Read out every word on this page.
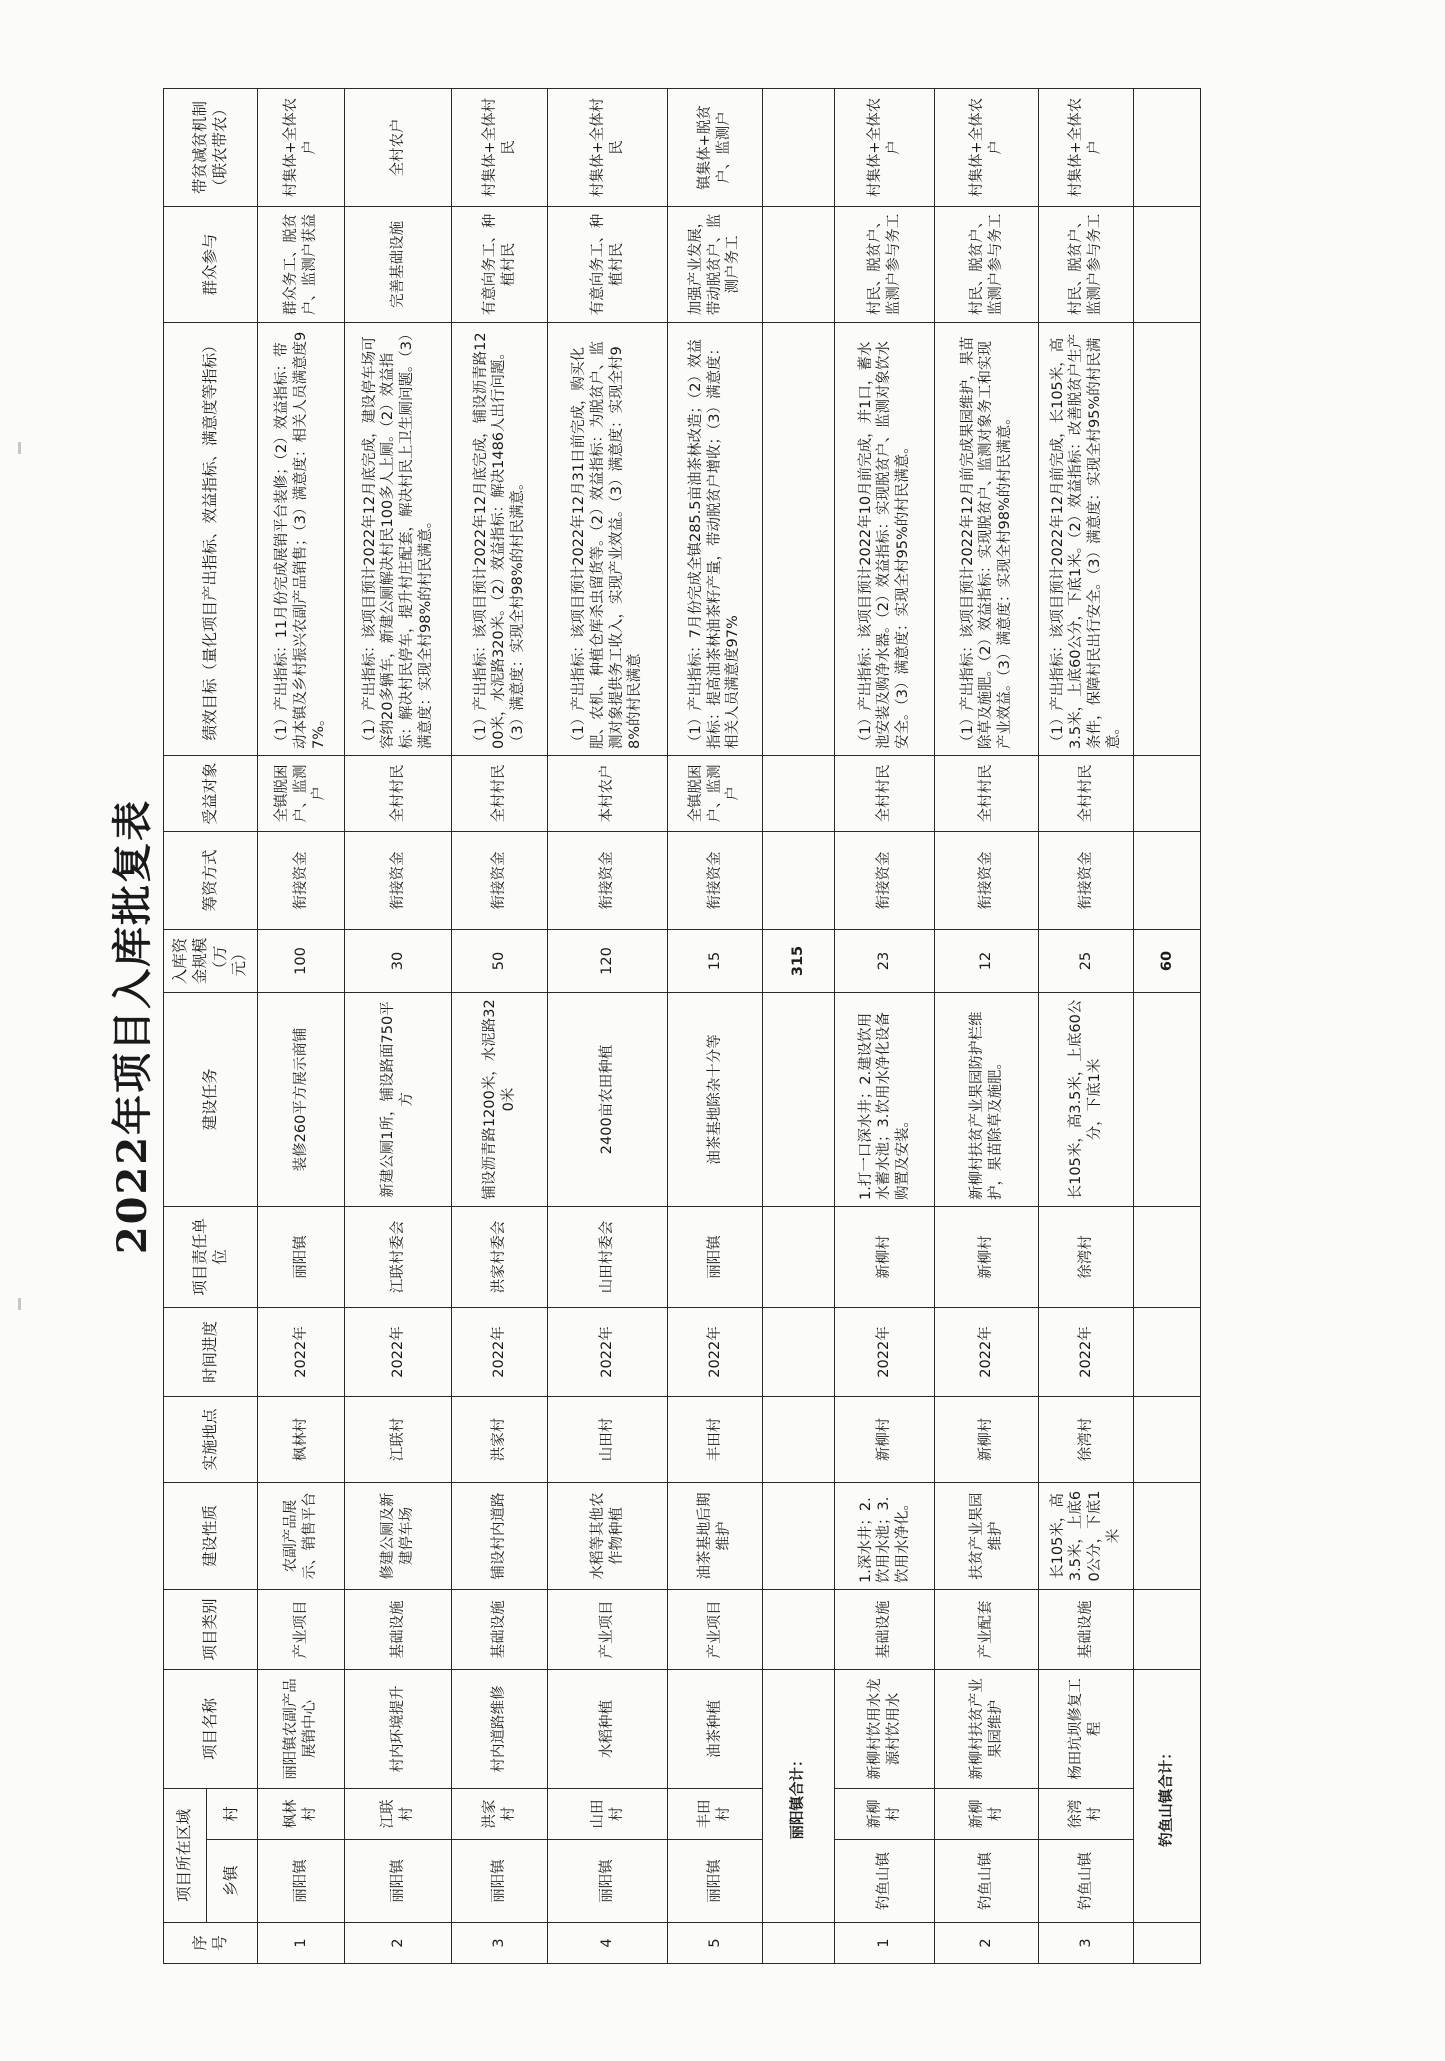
2022年项目入库批复表
序号	项目所在区域		项目名称	项目类别	建设性质	实施地点	时间进度	项目责任单位	建设任务	入库资金规模（万元）	筹资方式	受益对象	绩效目标（量化项目产出指标、效益指标、满意度等指标）	群众参与	带贫减贫机制（联农带农）
	乡镇	村													
1	丽阳镇	枫林村	丽阳镇农副产品展销中心	产业项目	农副产品展示、销售平台	枫林村	2022年	丽阳镇	装修260平方展示商铺	100	衔接资金	全镇脱困户、监测户	（1）产出指标：11月份完成展销平台装修；（2）效益指标：带动本镇及乡村振兴农副产品销售；（3）满意度：相关人员满意度97%。	群众务工、脱贫户、监测户获益	村集体+全体农户
2	丽阳镇	江联村	村内环境提升	基础设施	修建公厕及新建停车场	江联村	2022年	江联村委会	新建公厕1所，铺设路面750平方	30	衔接资金	全村村民	（1）产出指标：该项目预计2022年12月底完成，建设停车场可容纳20多辆车，新建公厕解决村民100多人上厕。（2）效益指标：解决村民停车，提升村庄配套，解决村民上卫生厕问题。（3）满意度：实现全村98%的村民满意。	完善基础设施	全村农户
3	丽阳镇	洪家村	村内道路维修	基础设施	铺设村内道路	洪家村	2022年	洪家村委会	铺设沥青路1200米，水泥路320米	50	衔接资金	全村村民	（1）产出指标：该项目预计2022年12月底完成，铺设沥青路1200米，水泥路320米。（2）效益指标：解决1486人出行问题。（3）满意度：实现全村98%的村民满意。	有意向务工、种植村民	村集体+全体村民
4	丽阳镇	山田村	水稻种植	产业项目	水稻等其他农作物种植	山田村	2022年	山田村委会	2400亩农田种植	120	衔接资金	本村农户	（1）产出指标：该项目预计2022年12月31日前完成，购买化肥、农机、种植仓库杀虫留货等。（2）效益指标：为脱贫户、监测对象提供务工收入，实现产业效益。（3）满意度：实现全村98%的村民满意	有意向务工、种植村民	村集体+全体村民
5	丽阳镇	丰田村	油茶种植	产业项目	油茶基地后期维护	丰田村	2022年	丽阳镇	油茶基地除杂十分等	15	衔接资金	全镇脱困户、监测户	（1）产出指标：7月份完成全镇285.5亩油茶林改造；（2）效益指标：提高油茶林油茶籽产量，带动脱贫户增收；（3）满意度：相关人员满意度97%	加强产业发展，带动脱贫户、监测户务工	镇集体+脱贫户、监测户
	丽阳镇合计：									315					
1	钓鱼山镇	新柳村	新柳村饮用水龙源村饮用水	基础设施	1.深水井；2.饮用水池；3.饮用水净化。	新柳村	2022年	新柳村	1.打一口深水井；2.建设饮用水蓄水池；3.饮用水净化设备购置及安装。	23	衔接资金	全村村民	（1）产出指标：该项目预计2022年10月前完成，并1口，蓄水池安装及购净水器。（2）效益指标：实现脱贫户、监测对象饮水安全。（3）满意度：实现全村95%的村民满意。	村民、脱贫户、监测户参与务工	村集体+全体农户
2	钓鱼山镇	新柳村	新柳村扶贫产业果园维护	产业配套	扶贫产业果园维护	新柳村	2022年	新柳村	新柳村扶贫产业果园防护栏维护，果苗除草及施肥。	12	衔接资金	全村村民	（1）产出指标：该项目预计2022年12月前完成果园维护，果苗除草及施肥。（2）效益指标：实现脱贫户、监测对象务工和实现产业效益。（3）满意度：实现全村98%的村民满意。	村民、脱贫户、监测户参与务工	村集体+全体农户
3	钓鱼山镇	徐湾村	杨田坑坝修复工程	基础设施	长105米，高3.5米，上底60公分，下底1米	徐湾村	2022年	徐湾村	长105米，高3.5米，上底60公分，下底1米	25	衔接资金	全村村民	（1）产出指标：该项目预计2022年12月前完成，长105米，高3.5米，上底60公分，下底1米。（2）效益指标：改善脱贫户生产条件，保障村民出行安全。（3）满意度：实现全村95%的村民满意。	村民、脱贫户、监测户参与务工	村集体+全体农户
	钓鱼山镇合计：									60					
